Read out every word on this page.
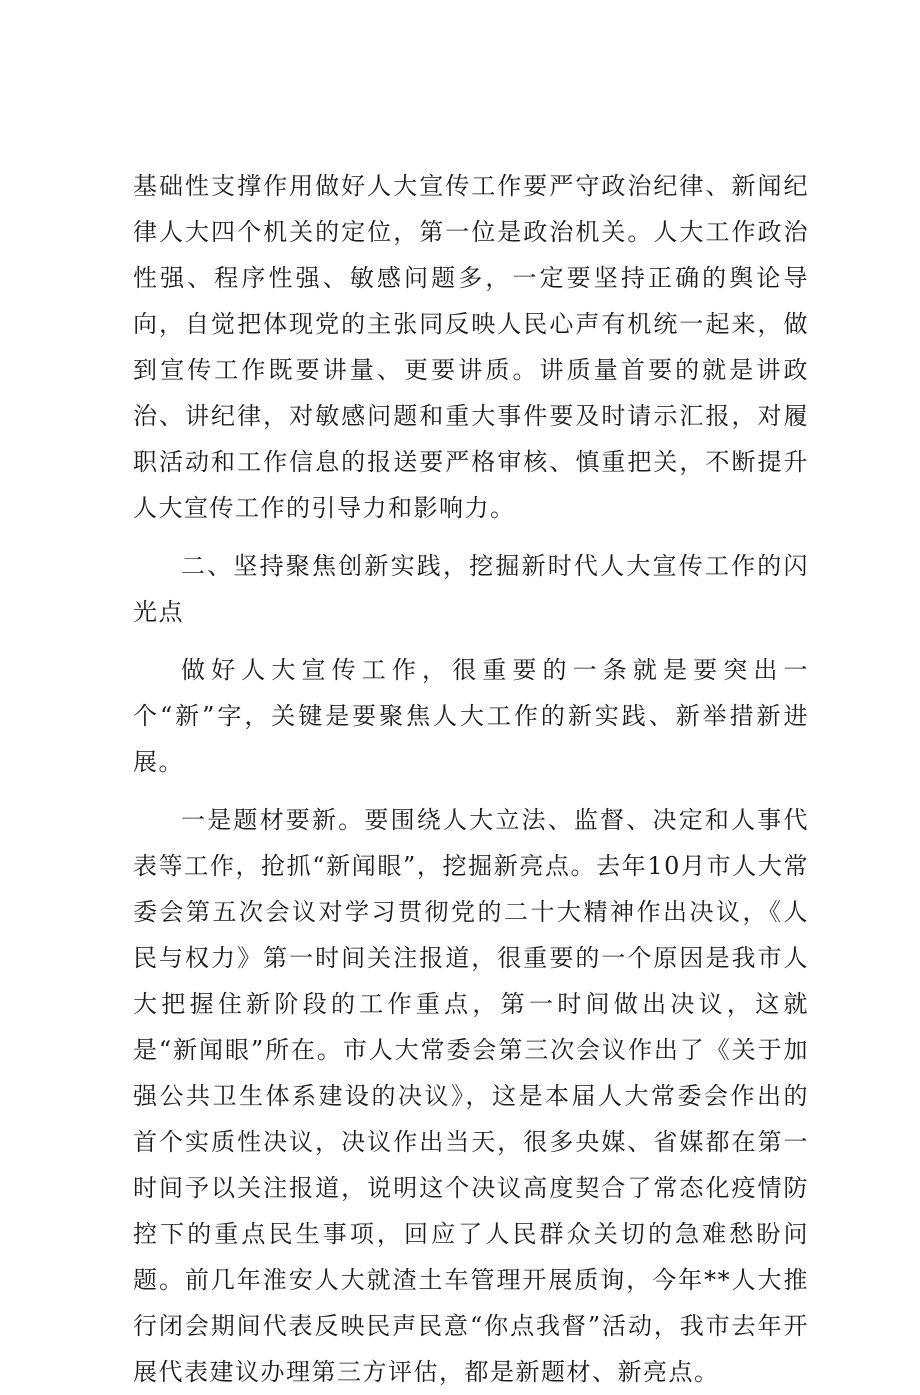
基础性支撑作用做好人大宣传工作要严守政治纪律、新闻纪律人大四个机关的定位，第一位是政治机关。人大工作政治性强、程序性强、敏感问题多，一定要坚持正确的舆论导向，自觉把体现党的主张同反映人民心声有机统一起来，做到宣传工作既要讲量、更要讲质。讲质量首要的就是讲政治、讲纪律，对敏感问题和重大事件要及时请示汇报，对履职活动和工作信息的报送要严格审核、慎重把关，不断提升人大宣传工作的引导力和影响力。

二、坚持聚焦创新实践，挖掘新时代人大宣传工作的闪光点

做好人大宣传工作，很重要的一条就是要突出一个“新”字，关键是要聚焦人大工作的新实践、新举措新进展。

一是题材要新。要围绕人大立法、监督、决定和人事代表等工作，抢抓“新闻眼”，挖掘新亮点。去年10月市人大常委会第五次会议对学习贯彻党的二十大精神作出决议，《人民与权力》第一时间关注报道，很重要的一个原因是我市人大把握住新阶段的工作重点，第一时间做出决议，这就是“新闻眼”所在。市人大常委会第三次会议作出了《关于加强公共卫生体系建设的决议》，这是本届人大常委会作出的首个实质性决议，决议作出当天，很多央媒、省媒都在第一时间予以关注报道，说明这个决议高度契合了常态化疫情防控下的重点民生事项，回应了人民群众关切的急难愁盼问题。前几年淮安人大就渣土车管理开展质询，今年**人大推行闭会期间代表反映民声民意“你点我督”活动，我市去年开展代表建议办理第三方评估，都是新题材、新亮点。
